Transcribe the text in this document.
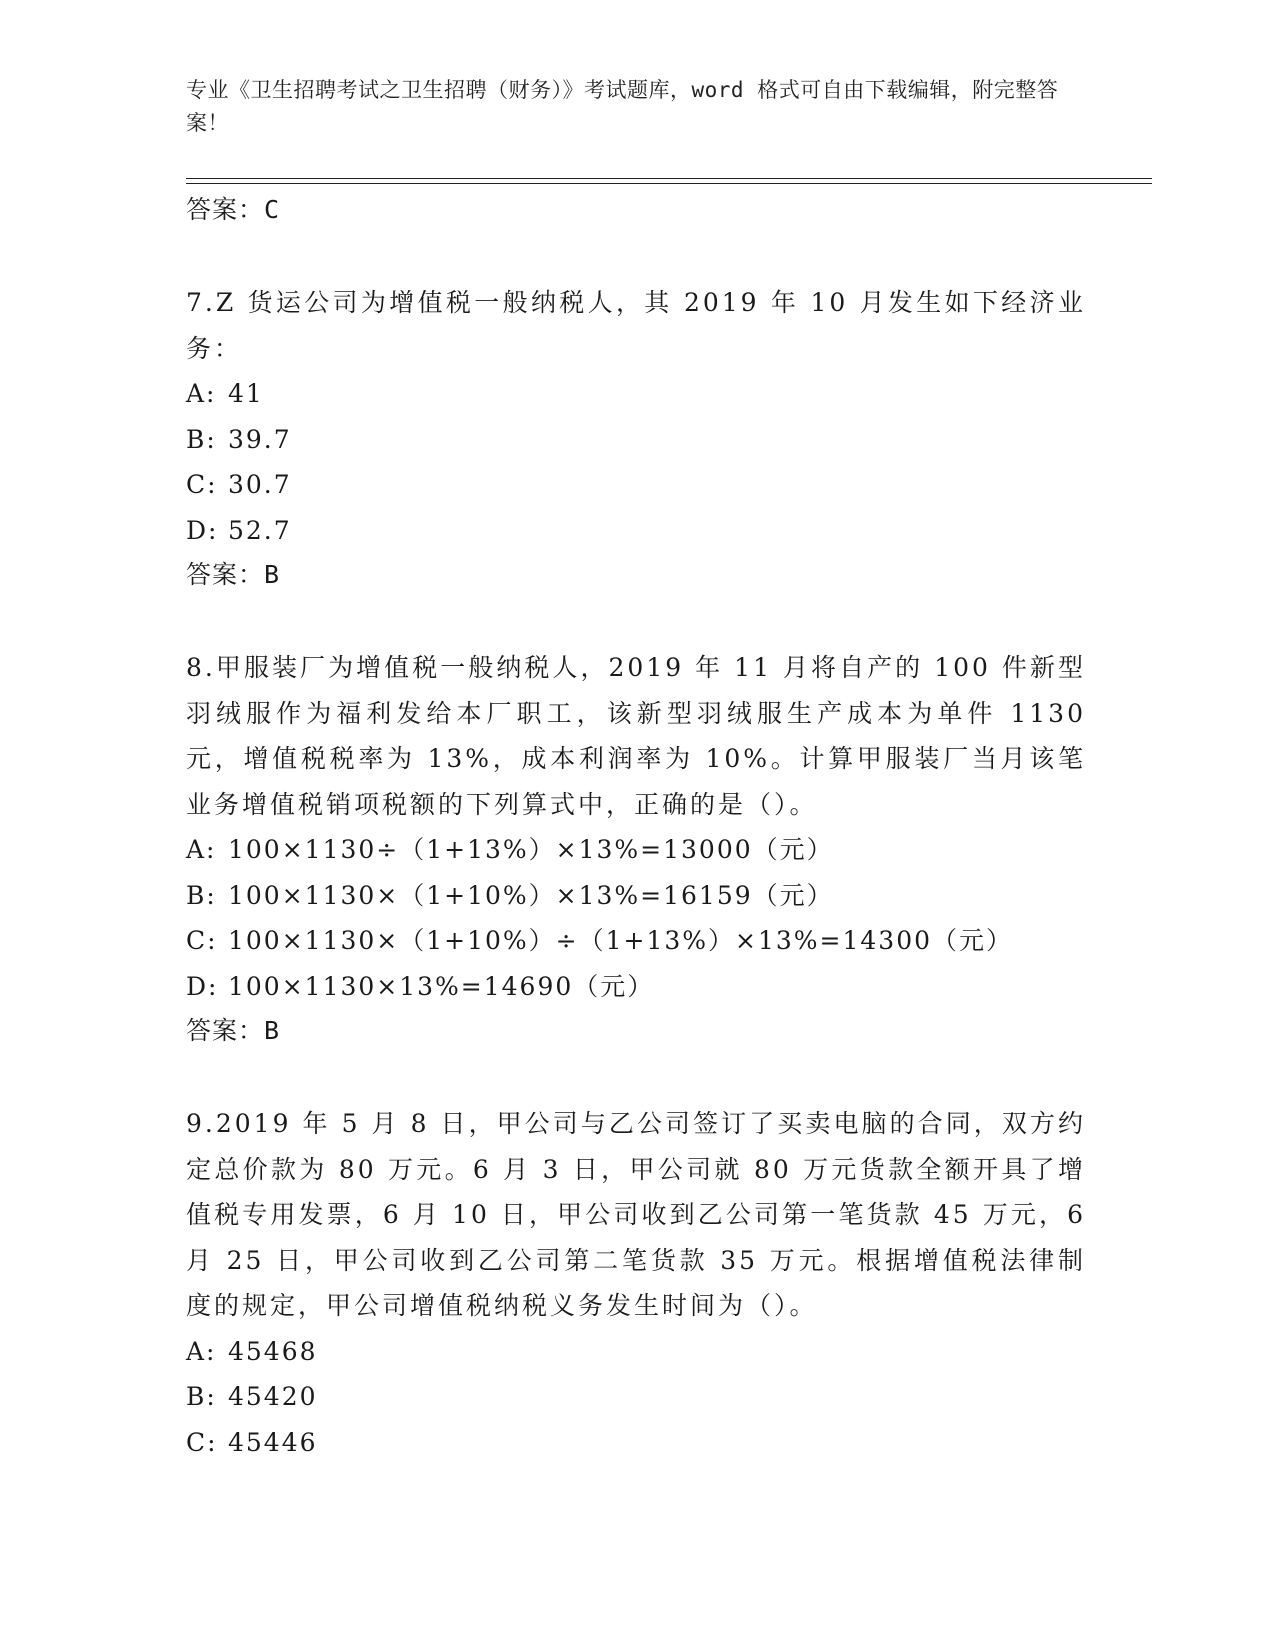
专业《卫生招聘考试之卫生招聘（财务）》考试题库，word 格式可自由下载编辑，附完整答案！
答案：C
7.Z 货运公司为增值税一般纳税人，其 2019 年 10 月发生如下经济业务：
A: 41
B: 39.7
C: 30.7
D: 52.7
答案：B
8.甲服装厂为增值税一般纳税人，2019 年 11 月将自产的 100 件新型羽绒服作为福利发给本厂职工，该新型羽绒服生产成本为单件 1130 元，增值税税率为 13%，成本利润率为 10%。计算甲服装厂当月该笔业务增值税销项税额的下列算式中，正确的是（）。
A: 100×1130÷（1+13%）×13%=13000（元）
B: 100×1130×（1+10%）×13%=16159（元）
C: 100×1130×（1+10%）÷（1+13%）×13%=14300（元）
D: 100×1130×13%=14690（元）
答案：B
9.2019 年 5 月 8 日，甲公司与乙公司签订了买卖电脑的合同，双方约定总价款为 80 万元。6 月 3 日，甲公司就 80 万元货款全额开具了增值税专用发票，6 月 10 日，甲公司收到乙公司第一笔货款 45 万元，6 月 25 日，甲公司收到乙公司第二笔货款 35 万元。根据增值税法律制度的规定，甲公司增值税纳税义务发生时间为（）。
A: 45468
B: 45420
C: 45446
